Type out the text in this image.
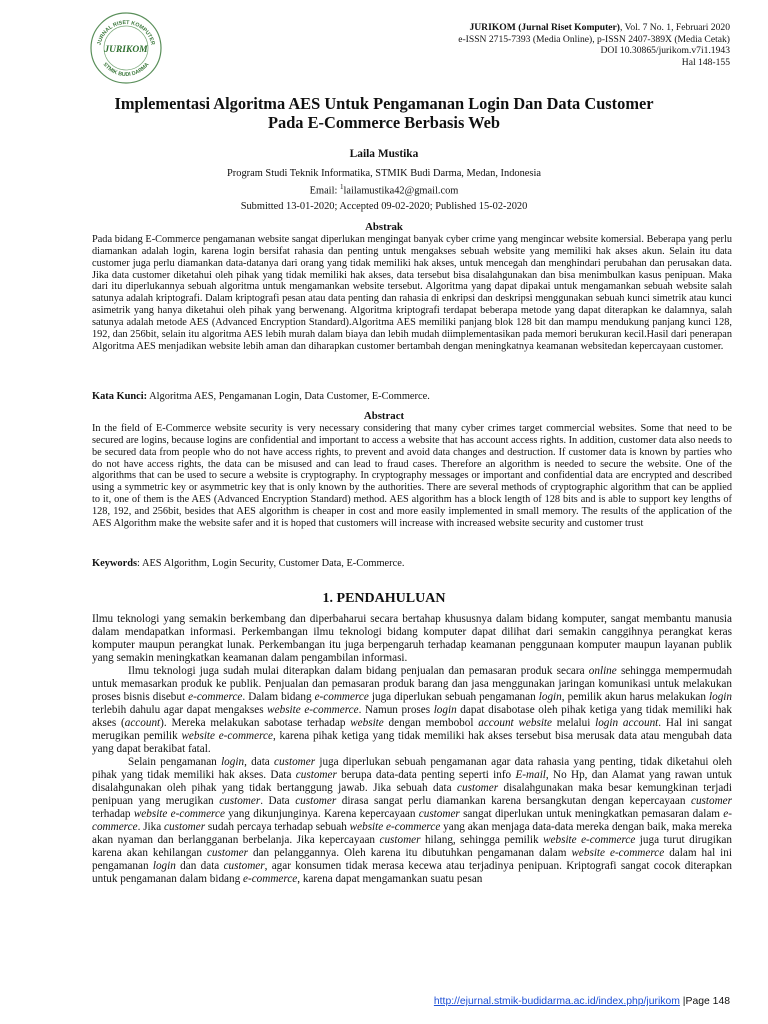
JURNAL RISET KOMPUTER
STMIK BUDI DARMA
JURIKOM
JURIKOM (Jurnal Riset Komputer), Vol. 7 No. 1, Februari 2020
e-ISSN 2715-7393 (Media Online), p-ISSN 2407-389X (Media Cetak)
DOI 10.30865/jurikom.v7i1.1943
Hal 148-155
Implementasi Algoritma AES Untuk Pengamanan Login Dan Data Customer
Pada E-Commerce Berbasis Web
Laila Mustika
Program Studi Teknik Informatika, STMIK Budi Darma, Medan, Indonesia
Email: $^1$lailamustika42@gmail.com
Submitted 13-01-2020; Accepted 09-02-2020; Published 15-02-2020
Abstrak
Pada bidang E-Commerce pengamanan website sangat diperlukan mengingat banyak cyber crime yang mengincar website komersial. Beberapa yang perlu diamankan adalah login, karena login bersifat rahasia dan penting untuk mengakses sebuah website yang memiliki hak akses akun. Selain itu data customer juga perlu diamankan data-datanya dari orang yang tidak memiliki hak akses, untuk mencegah dan menghindari perubahan dan perusakan data. Jika data customer diketahui oleh pihak yang tidak memiliki hak akses, data tersebut bisa disalahgunakan dan bisa menimbulkan kasus penipuan. Maka dari itu diperlukannya sebuah algoritma untuk mengamankan website tersebut. Algoritma yang dapat dipakai untuk mengamankan sebuah website salah satunya adalah kriptografi. Dalam kriptografi pesan atau data penting dan rahasia di enkripsi dan deskripsi menggunakan sebuah kunci simetrik atau kunci asimetrik yang hanya diketahui oleh pihak yang berwenang. Algoritma kriptografi terdapat beberapa metode yang dapat diterapkan ke dalamnya, salah satunya adalah metode AES (Advanced Encryption Standard).Algoritma AES memiliki panjang blok 128 bit dan mampu mendukung panjang kunci 128, 192, dan 256bit, selain itu algoritma AES lebih murah dalam biaya dan lebih mudah diimplementasikan pada memori berukuran kecil.Hasil dari penerapan Algoritma AES menjadikan website lebih aman dan diharapkan customer bertambah dengan meningkatnya keamanan websitedan kepercayaan customer.
Kata Kunci: Algoritma AES, Pengamanan Login, Data Customer, E-Commerce.
Abstract
In the field of E-Commerce website security is very necessary considering that many cyber crimes target commercial websites. Some that need to be secured are logins, because logins are confidential and important to access a website that has account access rights. In addition, customer data also needs to be secured data from people who do not have access rights, to prevent and avoid data changes and destruction. If customer data is known by parties who do not have access rights, the data can be misused and can lead to fraud cases. Therefore an algorithm is needed to secure the website. One of the algorithms that can be used to secure a website is cryptography. In cryptography messages or important and confidential data are encrypted and described using a symmetric key or asymmetric key that is only known by the authorities. There are several methods of cryptographic algorithm that can be applied to it, one of them is the AES (Advanced Encryption Standard) method. AES algorithm has a block length of 128 bits and is able to support key lengths of 128, 192, and 256bit, besides that AES algorithm is cheaper in cost and more easily implemented in small memory. The results of the application of the AES Algorithm make the website safer and it is hoped that customers will increase with increased website security and customer trust
Keywords: AES Algorithm, Login Security, Customer Data, E-Commerce.
1. PENDAHULUAN

Ilmu teknologi yang semakin berkembang dan diperbaharui secara bertahap khususnya dalam bidang komputer, sangat membantu manusia dalam mendapatkan informasi. Perkembangan ilmu teknologi bidang komputer dapat dilihat dari semakin canggihnya perangkat keras komputer maupun perangkat lunak. Perkembangan itu juga berpengaruh terhadap keamanan penggunaan komputer maupun layanan publik yang semakin meningkatkan keamanan dalam pengambilan informasi.

Ilmu teknologi juga sudah mulai diterapkan dalam bidang penjualan dan pemasaran produk secara online sehingga mempermudah untuk memasarkan produk ke publik. Penjualan dan pemasaran produk barang dan jasa menggunakan jaringan komunikasi untuk melakukan proses bisnis disebut e-commerce. Dalam bidang e-commerce juga diperlukan sebuah pengamanan login, pemilik akun harus melakukan login terlebih dahulu agar dapat mengakses website e-commerce. Namun proses login dapat disabotase oleh pihak ketiga yang tidak memiliki hak akses (account). Mereka melakukan sabotase terhadap website dengan membobol account website melalui login account. Hal ini sangat merugikan pemilik website e-commerce, karena pihak ketiga yang tidak memiliki hak akses tersebut bisa merusak data atau mengubah data yang dapat berakibat fatal.

Selain pengamanan login, data customer juga diperlukan sebuah pengamanan agar data rahasia yang penting, tidak diketahui oleh pihak yang tidak memiliki hak akses. Data customer berupa data-data penting seperti info E-mail, No Hp, dan Alamat yang rawan untuk disalahgunakan oleh pihak yang tidak bertanggung jawab. Jika sebuah data customer disalahgunakan maka besar kemungkinan terjadi penipuan yang merugikan customer. Data customer dirasa sangat perlu diamankan karena bersangkutan dengan kepercayaan customer terhadap website e-commerce yang dikunjunginya. Karena kepercayaan customer sangat diperlukan untuk meningkatkan pemasaran dalam e-commerce. Jika customer sudah percaya terhadap sebuah website e-commerce yang akan menjaga data-data mereka dengan baik, maka mereka akan nyaman dan berlangganan berbelanja. Jika kepercayaan customer hilang, sehingga pemilik website e-commerce juga turut dirugikan karena akan kehilangan customer dan pelanggannya. Oleh karena itu dibutuhkan pengamanan dalam website e-commerce dalam hal ini pengamanan login dan data customer, agar konsumen tidak merasa kecewa atau terjadinya penipuan. Kriptografi sangat cocok diterapkan untuk pengamanan dalam bidang e-commerce, karena dapat mengamankan suatu pesan

http://ejurnal.stmik-budidarma.ac.id/index.php/jurikom |Page 148
